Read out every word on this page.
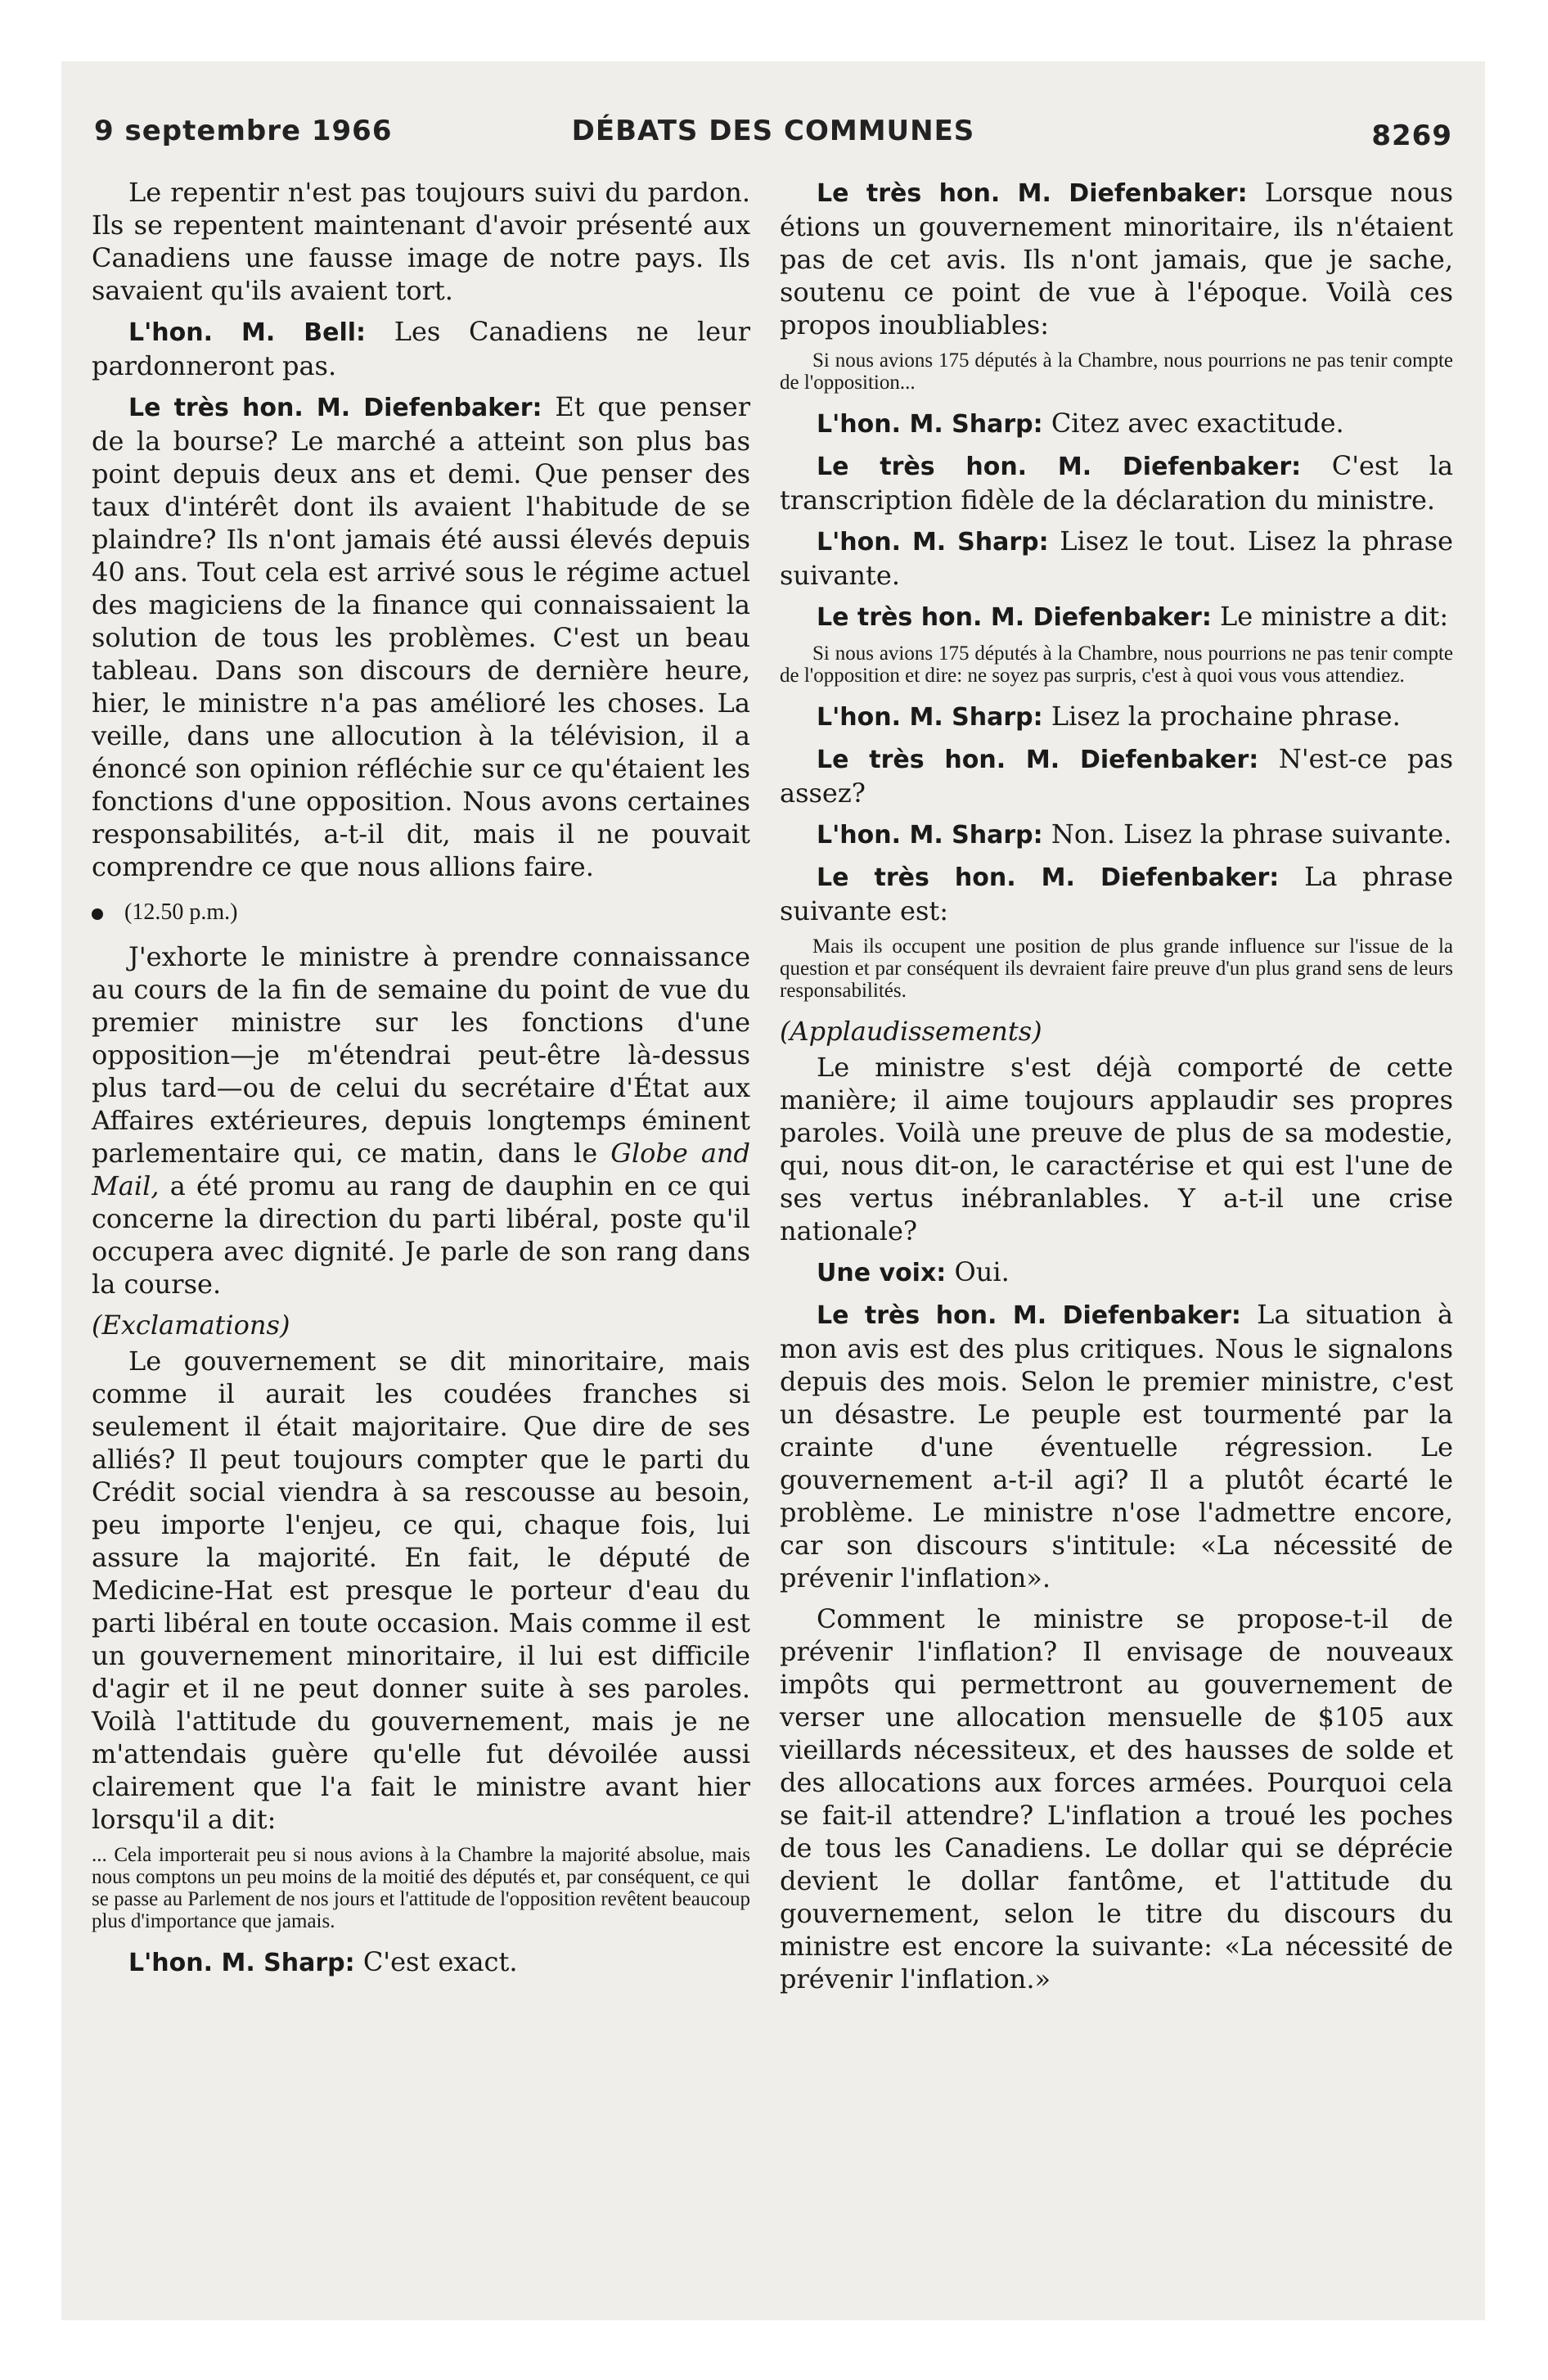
9 septembre 1966	DÉBATS DES COMMUNES	8269

Le repentir n'est pas toujours suivi du pardon. Ils se repentent maintenant d'avoir présenté aux Canadiens une fausse image de notre pays. Ils savaient qu'ils avaient tort.

L'hon. M. Bell: Les Canadiens ne leur pardonneront pas.

Le très hon. M. Diefenbaker: Et que penser de la bourse? Le marché a atteint son plus bas point depuis deux ans et demi. Que penser des taux d'intérêt dont ils avaient l'habitude de se plaindre? Ils n'ont jamais été aussi élevés depuis 40 ans. Tout cela est arrivé sous le régime actuel des magiciens de la finance qui connaissaient la solution de tous les problèmes. C'est un beau tableau. Dans son discours de dernière heure, hier, le ministre n'a pas amélioré les choses. La veille, dans une allocution à la télévision, il a énoncé son opinion réfléchie sur ce qu'étaient les fonctions d'une opposition. Nous avons certaines responsabilités, a-t-il dit, mais il ne pouvait comprendre ce que nous allions faire.

(12.50 p.m.)

J'exhorte le ministre à prendre connaissance au cours de la fin de semaine du point de vue du premier ministre sur les fonctions d'une opposition—je m'étendrai peut-être là-dessus plus tard—ou de celui du secrétaire d'État aux Affaires extérieures, depuis longtemps éminent parlementaire qui, ce matin, dans le Globe and Mail, a été promu au rang de dauphin en ce qui concerne la direction du parti libéral, poste qu'il occupera avec dignité. Je parle de son rang dans la course.

(Exclamations)

Le gouvernement se dit minoritaire, mais comme il aurait les coudées franches si seulement il était majoritaire. Que dire de ses alliés? Il peut toujours compter que le parti du Crédit social viendra à sa rescousse au besoin, peu importe l'enjeu, ce qui, chaque fois, lui assure la majorité. En fait, le député de Medicine-Hat est presque le porteur d'eau du parti libéral en toute occasion. Mais comme il est un gouvernement minoritaire, il lui est difficile d'agir et il ne peut donner suite à ses paroles. Voilà l'attitude du gouvernement, mais je ne m'attendais guère qu'elle fut dévoilée aussi clairement que l'a fait le ministre avant hier lorsqu'il a dit:

... Cela importerait peu si nous avions à la Chambre la majorité absolue, mais nous comptons un peu moins de la moitié des députés et, par conséquent, ce qui se passe au Parlement de nos jours et l'attitude de l'opposition revêtent beaucoup plus d'importance que jamais.

L'hon. M. Sharp: C'est exact.

Le très hon. M. Diefenbaker: Lorsque nous étions un gouvernement minoritaire, ils n'étaient pas de cet avis. Ils n'ont jamais, que je sache, soutenu ce point de vue à l'époque. Voilà ces propos inoubliables:

Si nous avions 175 députés à la Chambre, nous pourrions ne pas tenir compte de l'opposition...

L'hon. M. Sharp: Citez avec exactitude.

Le très hon. M. Diefenbaker: C'est la transcription fidèle de la déclaration du ministre.

L'hon. M. Sharp: Lisez le tout. Lisez la phrase suivante.

Le très hon. M. Diefenbaker: Le ministre a dit:

Si nous avions 175 députés à la Chambre, nous pourrions ne pas tenir compte de l'opposition et dire: ne soyez pas surpris, c'est à quoi vous vous attendiez.

L'hon. M. Sharp: Lisez la prochaine phrase.

Le très hon. M. Diefenbaker: N'est-ce pas assez?

L'hon. M. Sharp: Non. Lisez la phrase suivante.

Le très hon. M. Diefenbaker: La phrase suivante est:

Mais ils occupent une position de plus grande influence sur l'issue de la question et par conséquent ils devraient faire preuve d'un plus grand sens de leurs responsabilités.

(Applaudissements)

Le ministre s'est déjà comporté de cette manière; il aime toujours applaudir ses propres paroles. Voilà une preuve de plus de sa modestie, qui, nous dit-on, le caractérise et qui est l'une de ses vertus inébranlables. Y a-t-il une crise nationale?

Une voix: Oui.

Le très hon. M. Diefenbaker: La situation à mon avis est des plus critiques. Nous le signalons depuis des mois. Selon le premier ministre, c'est un désastre. Le peuple est tourmenté par la crainte d'une éventuelle régression. Le gouvernement a-t-il agi? Il a plutôt écarté le problème. Le ministre n'ose l'admettre encore, car son discours s'intitule: «La nécessité de prévenir l'inflation».

Comment le ministre se propose-t-il de prévenir l'inflation? Il envisage de nouveaux impôts qui permettront au gouvernement de verser une allocation mensuelle de $105 aux vieillards nécessiteux, et des hausses de solde et des allocations aux forces armées. Pourquoi cela se fait-il attendre? L'inflation a troué les poches de tous les Canadiens. Le dollar qui se déprécie devient le dollar fantôme, et l'attitude du gouvernement, selon le titre du discours du ministre est encore la suivante: «La nécessité de prévenir l'inflation.»
